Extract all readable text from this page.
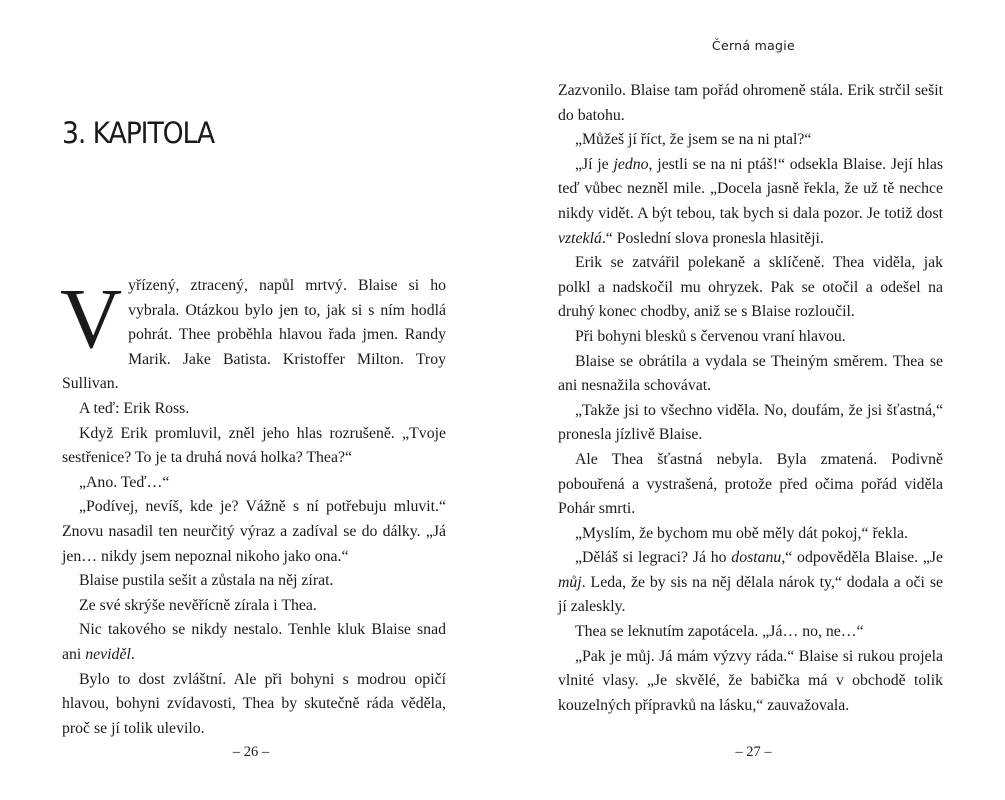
3. KAPITOLA

Vyřízený, ztracený, napůl mrtvý. Blaise si ho vybrala. Otázkou bylo jen to, jak si s ním hodlá pohrát. Thee proběhla hlavou řada jmen. Randy Marik. Jake Batista. Kristoffer Milton. Troy Sullivan.

A teď: Erik Ross.

Když Erik promluvil, zněl jeho hlas rozrušeně. „Tvoje sestřenice? To je ta druhá nová holka? Thea?“

„Ano. Teď…“

„Podívej, nevíš, kde je? Vážně s ní potřebuju mluvit.“ Znovu nasadil ten neurčitý výraz a zadíval se do dálky. „Já jen… nikdy jsem nepoznal nikoho jako ona.“

Blaise pustila sešit a zůstala na něj zírat.

Ze své skrýše nevěřícně zírala i Thea.

Nic takového se nikdy nestalo. Tenhle kluk Blaise snad ani neviděl.

Bylo to dost zvláštní. Ale při bohyni s modrou opičí hlavou, bohyni zvídavosti, Thea by skutečně ráda věděla, proč se jí tolik ulevilo.

– 26 –
Černá magie

Zazvonilo. Blaise tam pořád ohromeně stála. Erik strčil sešit do batohu.

„Můžeš jí říct, že jsem se na ni ptal?“

„Jí je jedno, jestli se na ni ptáš!“ odsekla Blaise. Její hlas teď vůbec nezněl mile. „Docela jasně řekla, že už tě nechce nikdy vidět. A být tebou, tak bych si dala pozor. Je totiž dost vzteklá.“ Poslední slova pronesla hlasitěji.

Erik se zatvářil polekaně a sklíčeně. Thea viděla, jak polkl a nadskočil mu ohryzek. Pak se otočil a odešel na druhý konec chodby, aniž se s Blaise rozloučil.

Při bohyni blesků s červenou vraní hlavou.

Blaise se obrátila a vydala se Theiným směrem. Thea se ani nesnažila schovávat.

„Takže jsi to všechno viděla. No, doufám, že jsi šťastná,“ pronesla jízlivě Blaise.

Ale Thea šťastná nebyla. Byla zmatená. Podivně pobouřená a vystrašená, protože před očima pořád viděla Pohár smrti.

„Myslím, že bychom mu obě měly dát pokoj,“ řekla.

„Děláš si legraci? Já ho dostanu,“ odpověděla Blaise. „Je můj. Leda, že by sis na něj dělala nárok ty,“ dodala a oči se jí zaleskly.

Thea se leknutím zapotácela. „Já… no, ne…“

„Pak je můj. Já mám výzvy ráda.“ Blaise si rukou projela vlnité vlasy. „Je skvělé, že babička má v obchodě tolik kouzelných přípravků na lásku,“ zauvažovala.

– 27 –
